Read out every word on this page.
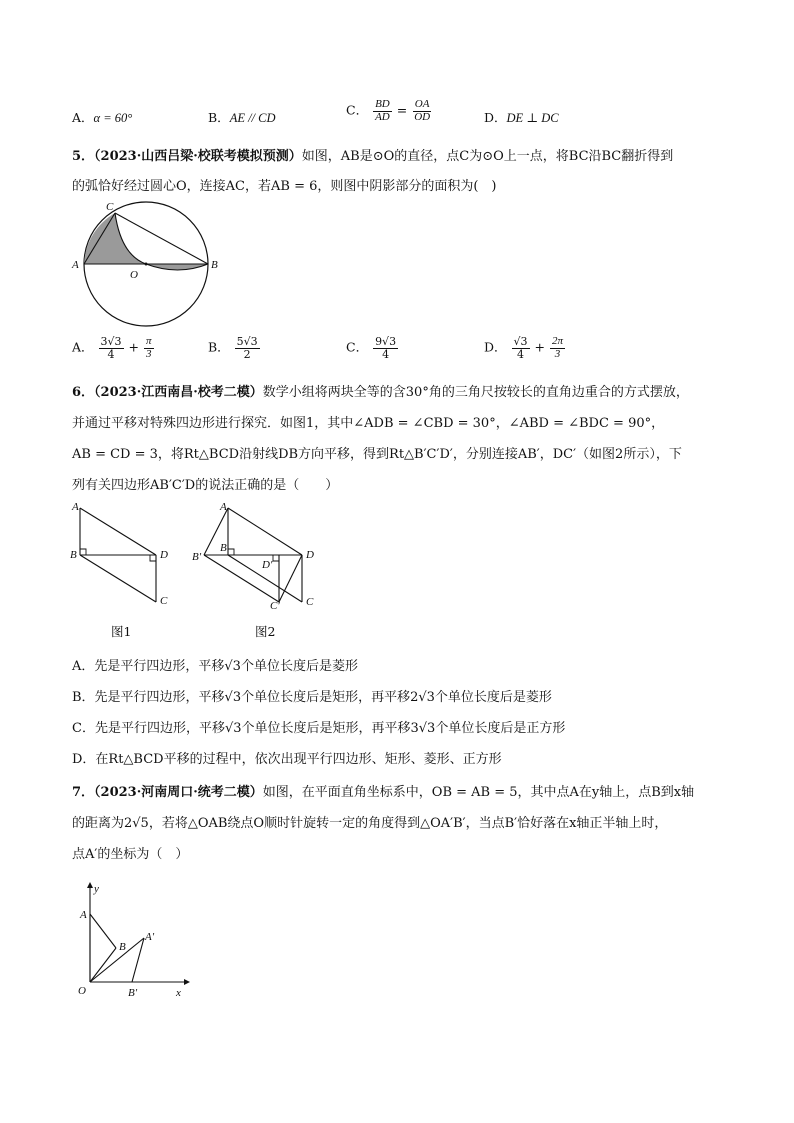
A．α = 60°	B．AE // CD
C． $\frac{BD}{AD} = \frac{OA}{OD}$	D．DE ⊥ DC
5．（2023·山西吕梁·校联考模拟预测）如图，AB是⊙O的直径，点C为⊙O上一点，将BC沿BC翻折得到
的弧恰好经过圆心O，连接AC，若AB = 6，则图中阴影部分的面积为(　)
C
A
O
B
A． $\frac{3√3}{4} + \frac{\pi}{3}$	B． $\frac{5√3}{2}$	C． $\frac{9√3}{4}$	D． $\frac{√3}{4} + \frac{2\pi}{3}$
6．（2023·江西南昌·校考二模）数学小组将两块全等的含30°角的三角尺按较长的直角边重合的方式摆放，
并通过平移对特殊四边形进行探究．如图1，其中∠ADB = ∠CBD = 30°，∠ABD = ∠BDC = 90°，
AB = CD = 3，将Rt△BCD沿射线DB方向平移，得到Rt△B′C′D′，分别连接AB′，DC′（如图2所示），下
列有关四边形AB′C′D的说法正确的是（　　）
A
B	D
C
图1
A
B′
B
D′
D
C′ C
图2
A．先是平行四边形，平移√3个单位长度后是菱形
B．先是平行四边形，平移√3个单位长度后是矩形，再平移2√3个单位长度后是菱形
C．先是平行四边形，平移√3个单位长度后是矩形，再平移3√3个单位长度后是正方形
D．在Rt△BCD平移的过程中，依次出现平行四边形、矩形、菱形、正方形
7．（2023·河南周口·统考二模）如图，在平面直角坐标系中，OB = AB = 5，其中点A在y轴上，点B到x轴
的距离为2√5，若将△OAB绕点O顺时针旋转一定的角度得到△OA′B′，当点B′恰好落在x轴正半轴上时，
点A′的坐标为（　）
y
A
B
A′
O	B′	x
